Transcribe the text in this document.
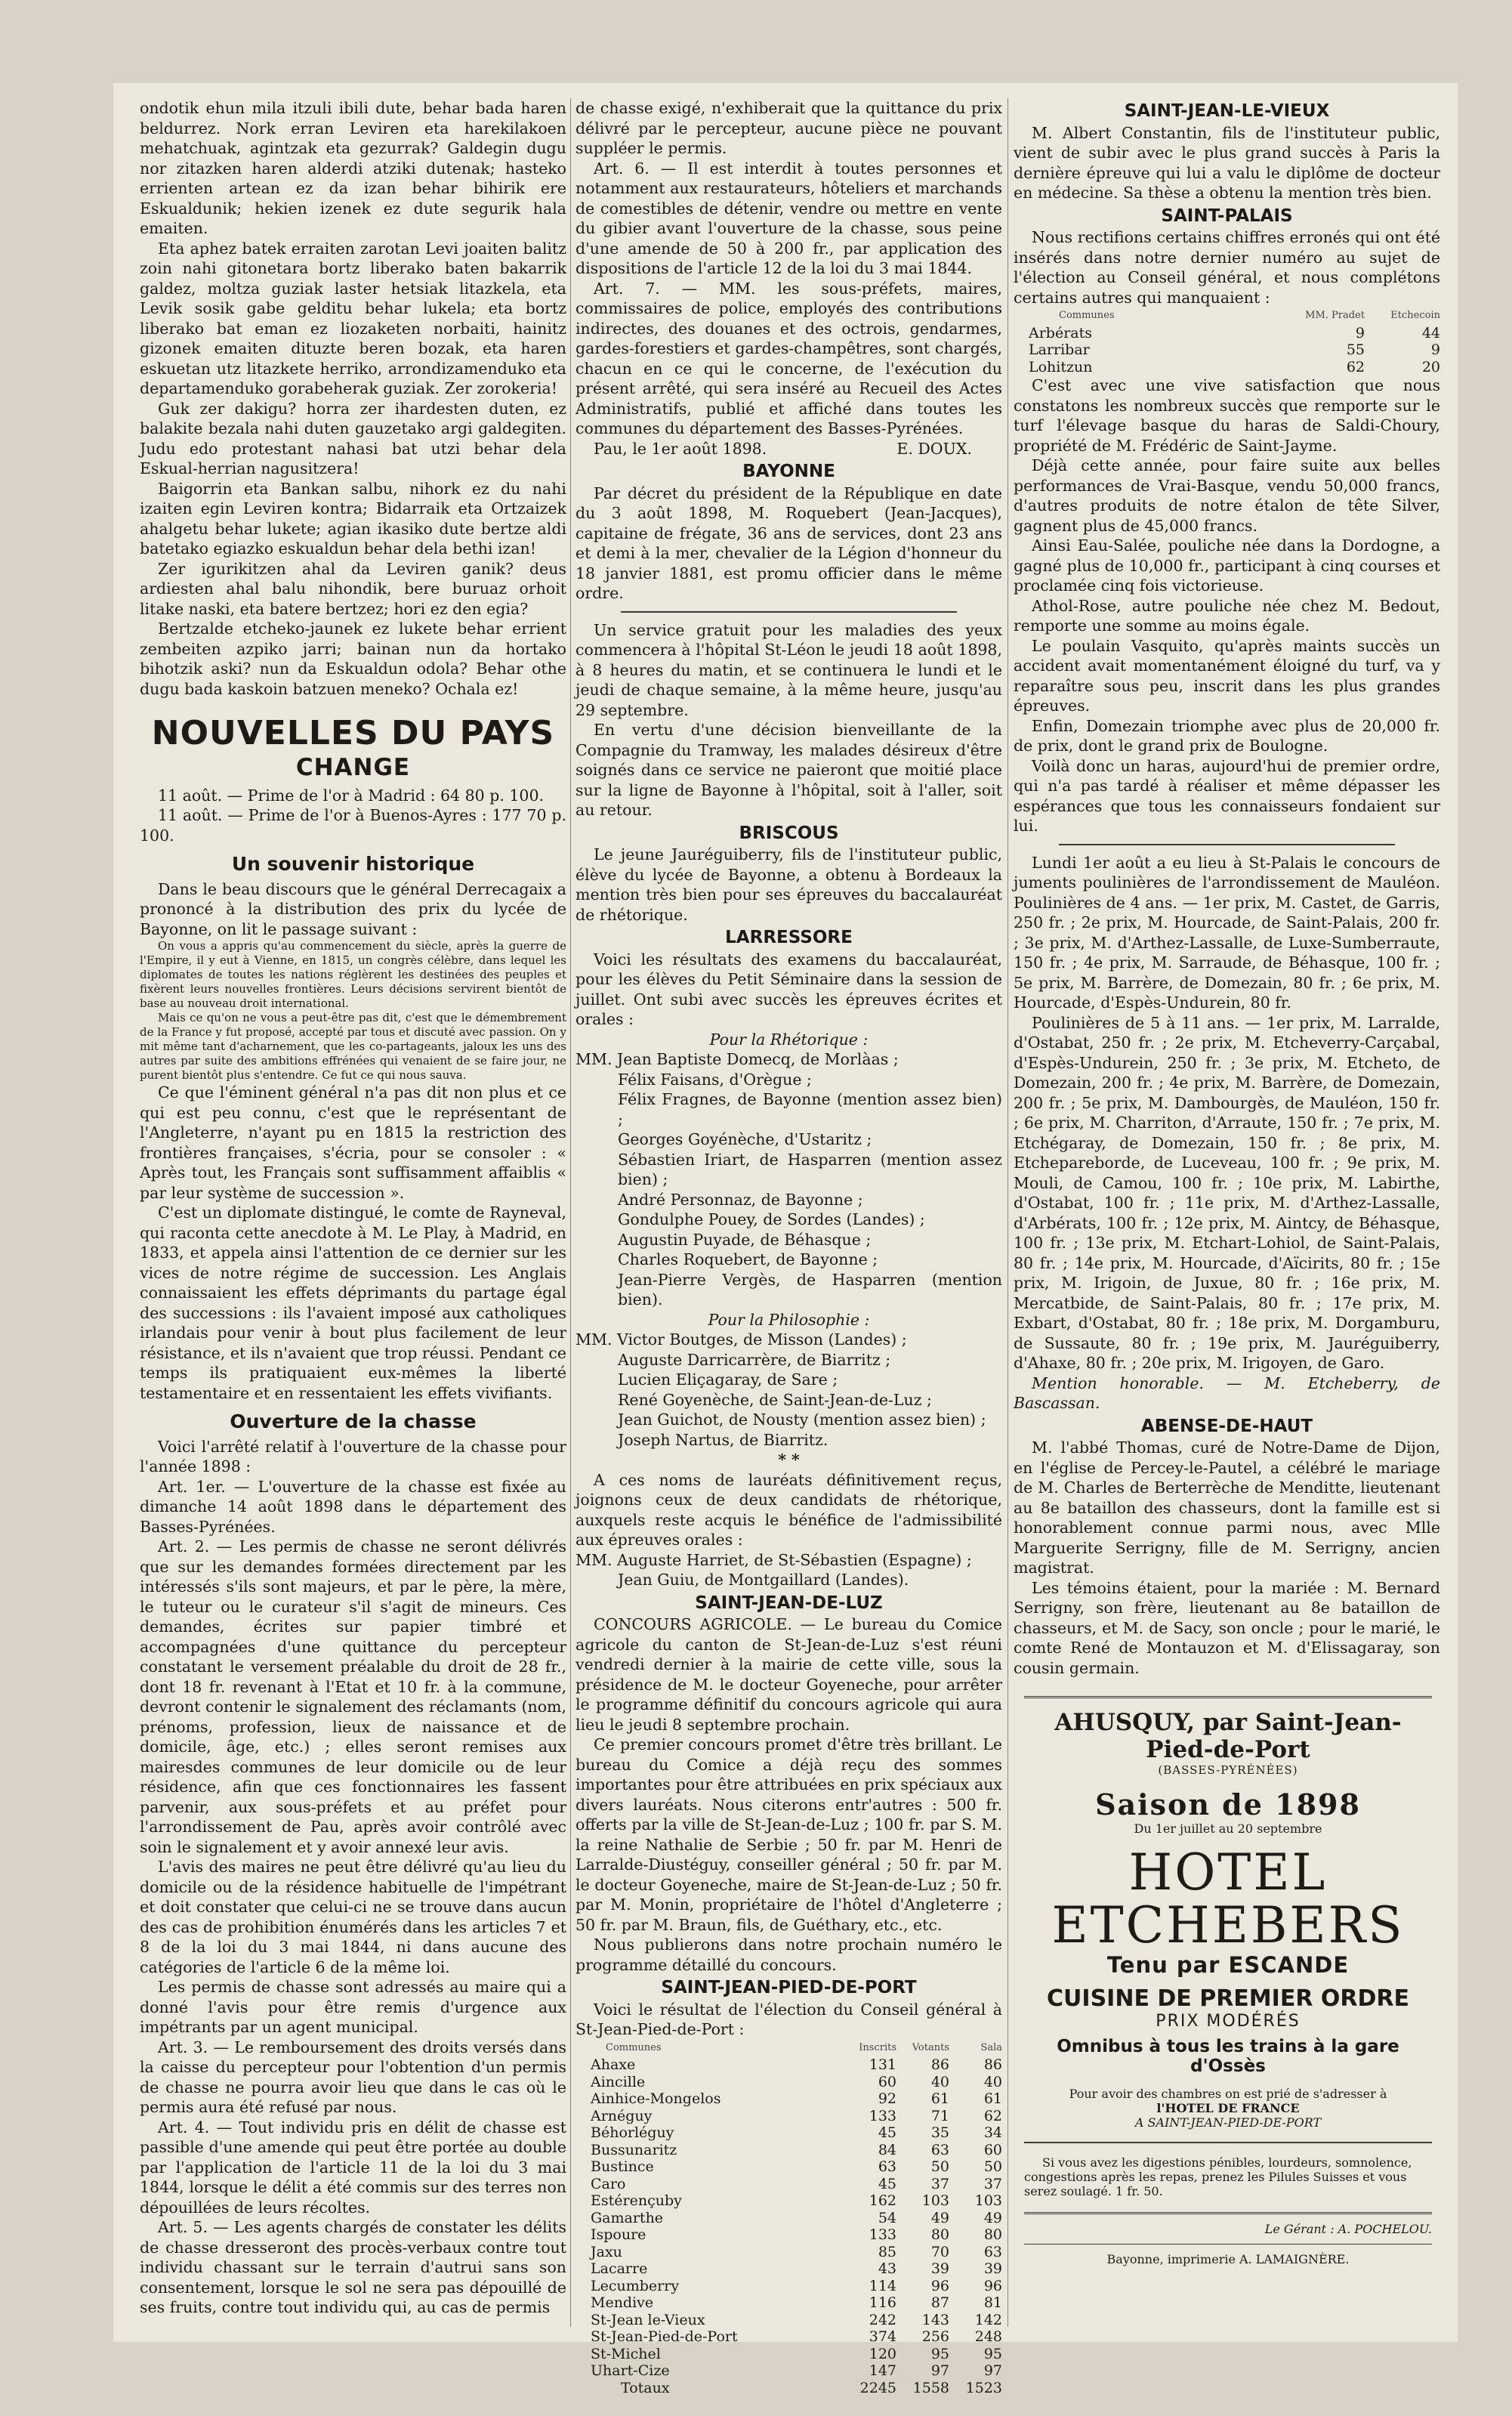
ondotik ehun mila itzuli ibili dute, behar bada haren beldurrez. Nork erran Leviren eta harekilakoen mehatchuak, agintzak eta gezurrak? Galdegin dugu nor zitazken haren alderdi atziki dutenak; hasteko errienten artean ez da izan behar bihirik ere Eskualdunik; hekien izenek ez dute segurik hala emaiten.

Eta aphez batek erraiten zarotan Levi joaiten balitz zoin nahi gitonetara bortz liberako baten bakarrik galdez, moltza guziak laster hetsiak litazkela, eta Levik sosik gabe gelditu behar lukela; eta bortz liberako bat eman ez liozaketen norbaiti, hainitz gizonek emaiten dituzte beren bozak, eta haren eskuetan utz litazkete herriko, arrondizamenduko eta departamenduko gorabeherak guziak. Zer zorokeria!

Guk zer dakigu? horra zer ihardesten duten, ez balakite bezala nahi duten gauzetako argi galdegiten. Judu edo protestant nahasi bat utzi behar dela Eskual-herrian nagusitzera!

Baigorrin eta Bankan salbu, nihork ez du nahi izaiten egin Leviren kontra; Bidarraik eta Ortzaizek ahalgetu behar lukete; agian ikasiko dute bertze aldi batetako egiazko eskualdun behar dela bethi izan!

Zer igurikitzen ahal da Leviren ganik? deus ardiesten ahal balu nihondik, bere buruaz orhoit litake naski, eta batere bertzez; hori ez den egia?

Bertzalde etcheko-jaunek ez lukete behar errient zembeiten azpiko jarri; bainan nun da hortako bihotzik aski? nun da Eskualdun odola? Behar othe dugu bada kaskoin batzuen meneko? Ochala ez!

NOUVELLES DU PAYS
CHANGE

11 août. — Prime de l'or à Madrid : 64 80 p. 100.

11 août. — Prime de l'or à Buenos-Ayres : 177 70 p. 100.

Un souvenir historique

Dans le beau discours que le général Derrecagaix a prononcé à la distribution des prix du lycée de Bayonne, on lit le passage suivant :

On vous a appris qu'au commencement du siècle, après la guerre de l'Empire, il y eut à Vienne, en 1815, un congrès célèbre, dans lequel les diplomates de toutes les nations réglèrent les destinées des peuples et fixèrent leurs nouvelles frontières. Leurs décisions servirent bientôt de base au nouveau droit international.

Mais ce qu'on ne vous a peut-être pas dit, c'est que le démembrement de la France y fut proposé, accepté par tous et discuté avec passion. On y mit même tant d'acharnement, que les co-partageants, jaloux les uns des autres par suite des ambitions effrénées qui venaient de se faire jour, ne purent bientôt plus s'entendre. Ce fut ce qui nous sauva.

Ce que l'éminent général n'a pas dit non plus et ce qui est peu connu, c'est que le représentant de l'Angleterre, n'ayant pu en 1815 la restriction des frontières françaises, s'écria, pour se consoler : « Après tout, les Français sont suffisamment affaiblis « par leur système de succession ».

C'est un diplomate distingué, le comte de Rayneval, qui raconta cette anecdote à M. Le Play, à Madrid, en 1833, et appela ainsi l'attention de ce dernier sur les vices de notre régime de succession. Les Anglais connaissaient les effets déprimants du partage égal des successions : ils l'avaient imposé aux catholiques irlandais pour venir à bout plus facilement de leur résistance, et ils n'avaient que trop réussi. Pendant ce temps ils pratiquaient eux-mêmes la liberté testamentaire et en ressentaient les effets vivifiants.

Ouverture de la chasse

Voici l'arrêté relatif à l'ouverture de la chasse pour l'année 1898 :

Art. 1er. — L'ouverture de la chasse est fixée au dimanche 14 août 1898 dans le département des Basses-Pyrénées.

Art. 2. — Les permis de chasse ne seront délivrés que sur les demandes formées directement par les intéressés s'ils sont majeurs, et par le père, la mère, le tuteur ou le curateur s'il s'agit de mineurs. Ces demandes, écrites sur papier timbré et accompagnées d'une quittance du percepteur constatant le versement préalable du droit de 28 fr., dont 18 fr. revenant à l'Etat et 10 fr. à la commune, devront contenir le signalement des réclamants (nom, prénoms, profession, lieux de naissance et de domicile, âge, etc.) ; elles seront remises aux mairesdes communes de leur domicile ou de leur résidence, afin que ces fonctionnaires les fassent parvenir, aux sous-préfets et au préfet pour l'arrondissement de Pau, après avoir contrôlé avec soin le signalement et y avoir annexé leur avis.

L'avis des maires ne peut être délivré qu'au lieu du domicile ou de la résidence habituelle de l'impétrant et doit constater que celui-ci ne se trouve dans aucun des cas de prohibition énumérés dans les articles 7 et 8 de la loi du 3 mai 1844, ni dans aucune des catégories de l'article 6 de la même loi.

Les permis de chasse sont adressés au maire qui a donné l'avis pour être remis d'urgence aux impétrants par un agent municipal.

Art. 3. — Le remboursement des droits versés dans la caisse du percepteur pour l'obtention d'un permis de chasse ne pourra avoir lieu que dans le cas où le permis aura été refusé par nous.

Art. 4. — Tout individu pris en délit de chasse est passible d'une amende qui peut être portée au double par l'application de l'article 11 de la loi du 3 mai 1844, lorsque le délit a été commis sur des terres non dépouillées de leurs récoltes.

Art. 5. — Les agents chargés de constater les délits de chasse dresseront des procès-verbaux contre tout individu chassant sur le terrain d'autrui sans son consentement, lorsque le sol ne sera pas dépouillé de ses fruits, contre tout individu qui, au cas de permis

de chasse exigé, n'exhiberait que la quittance du prix délivré par le percepteur, aucune pièce ne pouvant suppléer le permis.

Art. 6. — Il est interdit à toutes personnes et notamment aux restaurateurs, hôteliers et marchands de comestibles de détenir, vendre ou mettre en vente du gibier avant l'ouverture de la chasse, sous peine d'une amende de 50 à 200 fr., par application des dispositions de l'article 12 de la loi du 3 mai 1844.

Art. 7. — MM. les sous-préfets, maires, commissaires de police, employés des contributions indirectes, des douanes et des octrois, gendarmes, gardes-forestiers et gardes-champêtres, sont chargés, chacun en ce qui le concerne, de l'exécution du présent arrêté, qui sera inséré au Recueil des Actes Administratifs, publié et affiché dans toutes les communes du département des Basses-Pyrénées.

Pau, le 1er août 1898.	E. DOUX.

BAYONNE

Par décret du président de la République en date du 3 août 1898, M. Roquebert (Jean-Jacques), capitaine de frégate, 36 ans de services, dont 23 ans et demi à la mer, chevalier de la Légion d'honneur du 18 janvier 1881, est promu officier dans le même ordre.

Un service gratuit pour les maladies des yeux commencera à l'hôpital St-Léon le jeudi 18 août 1898, à 8 heures du matin, et se continuera le lundi et le jeudi de chaque semaine, à la même heure, jusqu'au 29 septembre.

En vertu d'une décision bienveillante de la Compagnie du Tramway, les malades désireux d'être soignés dans ce service ne paieront que moitié place sur la ligne de Bayonne à l'hôpital, soit à l'aller, soit au retour.

BRISCOUS

Le jeune Jauréguiberry, fils de l'instituteur public, élève du lycée de Bayonne, a obtenu à Bordeaux la mention très bien pour ses épreuves du baccalauréat de rhétorique.

LARRESSORE

Voici les résultats des examens du baccalauréat, pour les élèves du Petit Séminaire dans la session de juillet. Ont subi avec succès les épreuves écrites et orales :

Pour la Rhétorique :

MM. Jean Baptiste Domecq, de Morlàas ;

Félix Faisans, d'Orègue ;

Félix Fragnes, de Bayonne (mention assez bien) ;

Georges Goyénèche, d'Ustaritz ;

Sébastien Iriart, de Hasparren (mention assez bien) ;

André Personnaz, de Bayonne ;

Gondulphe Pouey, de Sordes (Landes) ;

Augustin Puyade, de Béhasque ;

Charles Roquebert, de Bayonne ;

Jean-Pierre Vergès, de Hasparren (mention bien).

Pour la Philosophie :

MM. Victor Boutges, de Misson (Landes) ;

Auguste Darricarrère, de Biarritz ;

Lucien Eliçagaray, de Sare ;

René Goyenèche, de Saint-Jean-de-Luz ;

Jean Guichot, de Nousty (mention assez bien) ;

Joseph Nartus, de Biarritz.

* *

A ces noms de lauréats définitivement reçus, joignons ceux de deux candidats de rhétorique, auxquels reste acquis le bénéfice de l'admissibilité aux épreuves orales :

MM. Auguste Harriet, de St-Sébastien (Espagne) ;

Jean Guiu, de Montgaillard (Landes).

SAINT-JEAN-DE-LUZ

CONCOURS AGRICOLE. — Le bureau du Comice agricole du canton de St-Jean-de-Luz s'est réuni vendredi dernier à la mairie de cette ville, sous la présidence de M. le docteur Goyeneche, pour arrêter le programme définitif du concours agricole qui aura lieu le jeudi 8 septembre prochain.

Ce premier concours promet d'être très brillant. Le bureau du Comice a déjà reçu des sommes importantes pour être attribuées en prix spéciaux aux divers lauréats. Nous citerons entr'autres : 500 fr. offerts par la ville de St-Jean-de-Luz ; 100 fr. par S. M. la reine Nathalie de Serbie ; 50 fr. par M. Henri de Larralde-Diustéguy, conseiller général ; 50 fr. par M. le docteur Goyeneche, maire de St-Jean-de-Luz ; 50 fr. par M. Monin, propriétaire de l'hôtel d'Angleterre ; 50 fr. par M. Braun, fils, de Guéthary, etc., etc.

Nous publierons dans notre prochain numéro le programme détaillé du concours.

SAINT-JEAN-PIED-DE-PORT

Voici le résultat de l'élection du Conseil général à St-Jean-Pied-de-Port :

Communes	Inscrits	Votants	Sala
Ahaxe	131	86	86
Aincille	60	40	40
Ainhice-Mongelos	92	61	61
Arnéguy	133	71	62
Béhorléguy	45	35	34
Bussunaritz	84	63	60
Bustince	63	50	50
Caro	45	37	37
Estérençuby	162	103	103
Gamarthe	54	49	49
Ispoure	133	80	80
Jaxu	85	70	63
Lacarre	43	39	39
Lecumberry	114	96	96
Mendive	116	87	81
St-Jean le-Vieux	242	143	142
St-Jean-Pied-de-Port	374	256	248
St-Michel	120	95	95
Uhart-Cize	147	97	97
Totaux	2245	1558	1523
SAINT-JEAN-LE-VIEUX

M. Albert Constantin, fils de l'instituteur public, vient de subir avec le plus grand succès à Paris la dernière épreuve qui lui a valu le diplôme de docteur en médecine. Sa thèse a obtenu la mention très bien.

SAINT-PALAIS

Nous rectifions certains chiffres erronés qui ont été insérés dans notre dernier numéro au sujet de l'élection au Conseil général, et nous complétons certains autres qui manquaient :

Communes	MM. Pradet	Etchecoin
Arbérats	9	44
Larribar	55	9
Lohitzun	62	20

C'est avec une vive satisfaction que nous constatons les nombreux succès que remporte sur le turf l'élevage basque du haras de Saldi-Choury, propriété de M. Frédéric de Saint-Jayme.

Déjà cette année, pour faire suite aux belles performances de Vrai-Basque, vendu 50,000 francs, d'autres produits de notre étalon de tête Silver, gagnent plus de 45,000 francs.

Ainsi Eau-Salée, pouliche née dans la Dordogne, a gagné plus de 10,000 fr., participant à cinq courses et proclamée cinq fois victorieuse.

Athol-Rose, autre pouliche née chez M. Bedout, remporte une somme au moins égale.

Le poulain Vasquito, qu'après maints succès un accident avait momentanément éloigné du turf, va y reparaître sous peu, inscrit dans les plus grandes épreuves.

Enfin, Domezain triomphe avec plus de 20,000 fr. de prix, dont le grand prix de Boulogne.

Voilà donc un haras, aujourd'hui de premier ordre, qui n'a pas tardé à réaliser et même dépasser les espérances que tous les connaisseurs fondaient sur lui.

Lundi 1er août a eu lieu à St-Palais le concours de juments poulinières de l'arrondissement de Mauléon. Poulinières de 4 ans. — 1er prix, M. Castet, de Garris, 250 fr. ; 2e prix, M. Hourcade, de Saint-Palais, 200 fr. ; 3e prix, M. d'Arthez-Lassalle, de Luxe-Sumberraute, 150 fr. ; 4e prix, M. Sarraude, de Béhasque, 100 fr. ; 5e prix, M. Barrère, de Domezain, 80 fr. ; 6e prix, M. Hourcade, d'Espès-Undurein, 80 fr.

Poulinières de 5 à 11 ans. — 1er prix, M. Larralde, d'Ostabat, 250 fr. ; 2e prix, M. Etcheverry-Carçabal, d'Espès-Undurein, 250 fr. ; 3e prix, M. Etcheto, de Domezain, 200 fr. ; 4e prix, M. Barrère, de Domezain, 200 fr. ; 5e prix, M. Dambourgès, de Mauléon, 150 fr. ; 6e prix, M. Charriton, d'Arraute, 150 fr. ; 7e prix, M. Etchégaray, de Domezain, 150 fr. ; 8e prix, M. Etchepareborde, de Luceveau, 100 fr. ; 9e prix, M. Mouli, de Camou, 100 fr. ; 10e prix, M. Labirthe, d'Ostabat, 100 fr. ; 11e prix, M. d'Arthez-Lassalle, d'Arbérats, 100 fr. ; 12e prix, M. Aintcy, de Béhasque, 100 fr. ; 13e prix, M. Etchart-Lohiol, de Saint-Palais, 80 fr. ; 14e prix, M. Hourcade, d'Aïcirits, 80 fr. ; 15e prix, M. Irigoin, de Juxue, 80 fr. ; 16e prix, M. Mercatbide, de Saint-Palais, 80 fr. ; 17e prix, M. Exbart, d'Ostabat, 80 fr. ; 18e prix, M. Dorgamburu, de Sussaute, 80 fr. ; 19e prix, M. Jauréguiberry, d'Ahaxe, 80 fr. ; 20e prix, M. Irigoyen, de Garo.

Mention honorable. — M. Etcheberry, de Bascassan.

ABENSE-DE-HAUT

M. l'abbé Thomas, curé de Notre-Dame de Dijon, en l'église de Percey-le-Pautel, a célébré le mariage de M. Charles de Berterrèche de Menditte, lieutenant au 8e bataillon des chasseurs, dont la famille est si honorablement connue parmi nous, avec Mlle Marguerite Serrigny, fille de M. Serrigny, ancien magistrat.

Les témoins étaient, pour la mariée : M. Bernard Serrigny, son frère, lieutenant au 8e bataillon de chasseurs, et M. de Sacy, son oncle ; pour le marié, le comte René de Montauzon et M. d'Elissagaray, son cousin germain.

AHUSQUY, par Saint-Jean-Pied-de-Port

(BASSES-PYRÉNÉES)

Saison de 1898

Du 1er juillet au 20 septembre

HOTEL ETCHEBERS

Tenu par ESCANDE

CUISINE DE PREMIER ORDRE

PRIX MODÉRÉS

Omnibus à tous les trains à la gare d'Ossès

Pour avoir des chambres on est prié de s'adresser à

l'HOTEL DE FRANCE

A SAINT-JEAN-PIED-DE-PORT

Si vous avez les digestions pénibles, lourdeurs, somnolence, congestions après les repas, prenez les Pilules Suisses et vous serez soulagé. 1 fr. 50.

Le Gérant : A. POCHELOU.

Bayonne, imprimerie A. LAMAIGNÈRE.
